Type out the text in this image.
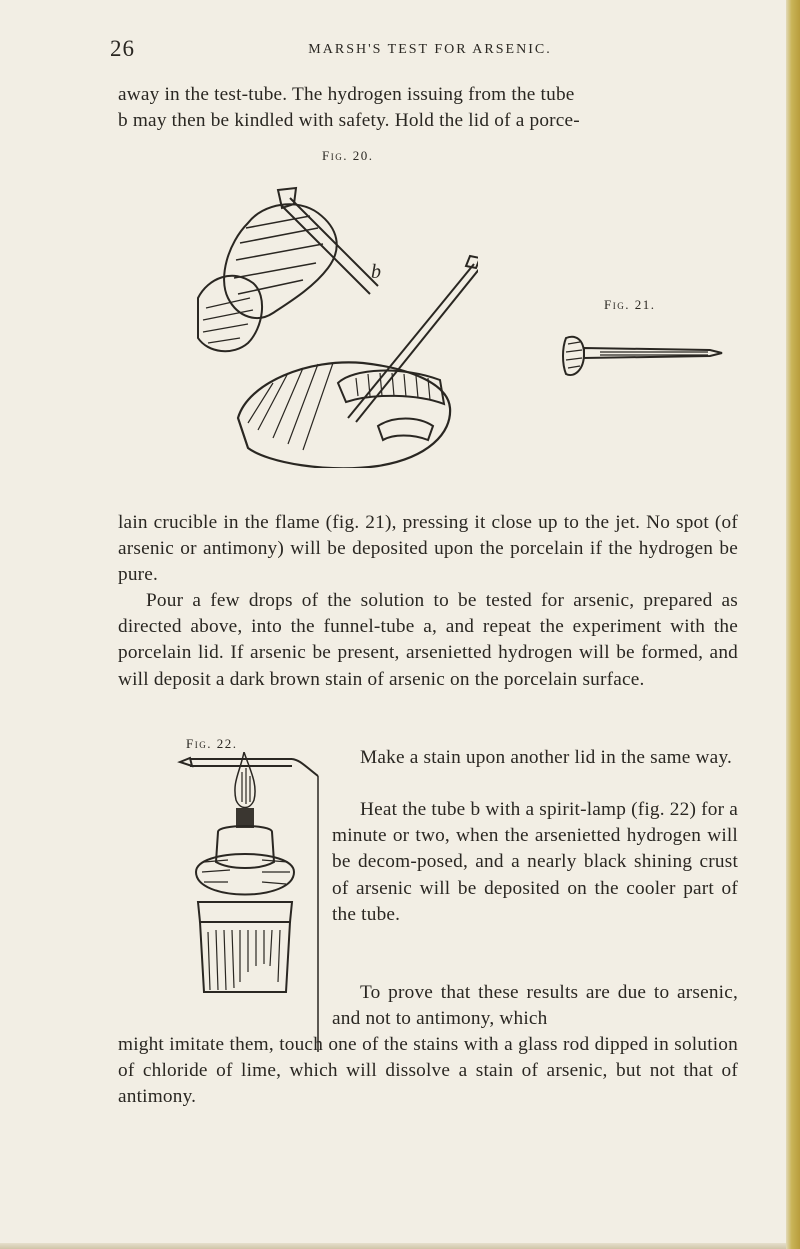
26	MARSH'S TEST FOR ARSENIC.

away in the test-tube. The hydrogen issuing from the tube
b may then be kindled with safety. Hold the lid of a porce-

Fig. 20.
b
Fig. 21.

lain crucible in the flame (fig. 21), pressing it close up to the jet. No spot (of arsenic or antimony) will be deposited upon the porcelain if the hydrogen be pure.

Pour a few drops of the solution to be tested for arsenic, prepared as directed above, into the funnel-tube a, and repeat the experiment with the porcelain lid. If arsenic be present, arsenietted hydrogen will be formed, and will deposit a dark brown stain of arsenic on the porcelain surface.

Fig. 22.

Make a stain upon another lid in the same way.

Heat the tube b with a spirit-lamp (fig. 22) for a minute or two, when the arsenietted hydrogen will be decom-posed, and a nearly black shining crust of arsenic will be deposited on the cooler part of the tube.

To prove that these results are due to arsenic, and not to antimony, which

might imitate them, touch one of the stains with a glass rod dipped in solution of chloride of lime, which will dissolve a stain of arsenic, but not that of antimony.
